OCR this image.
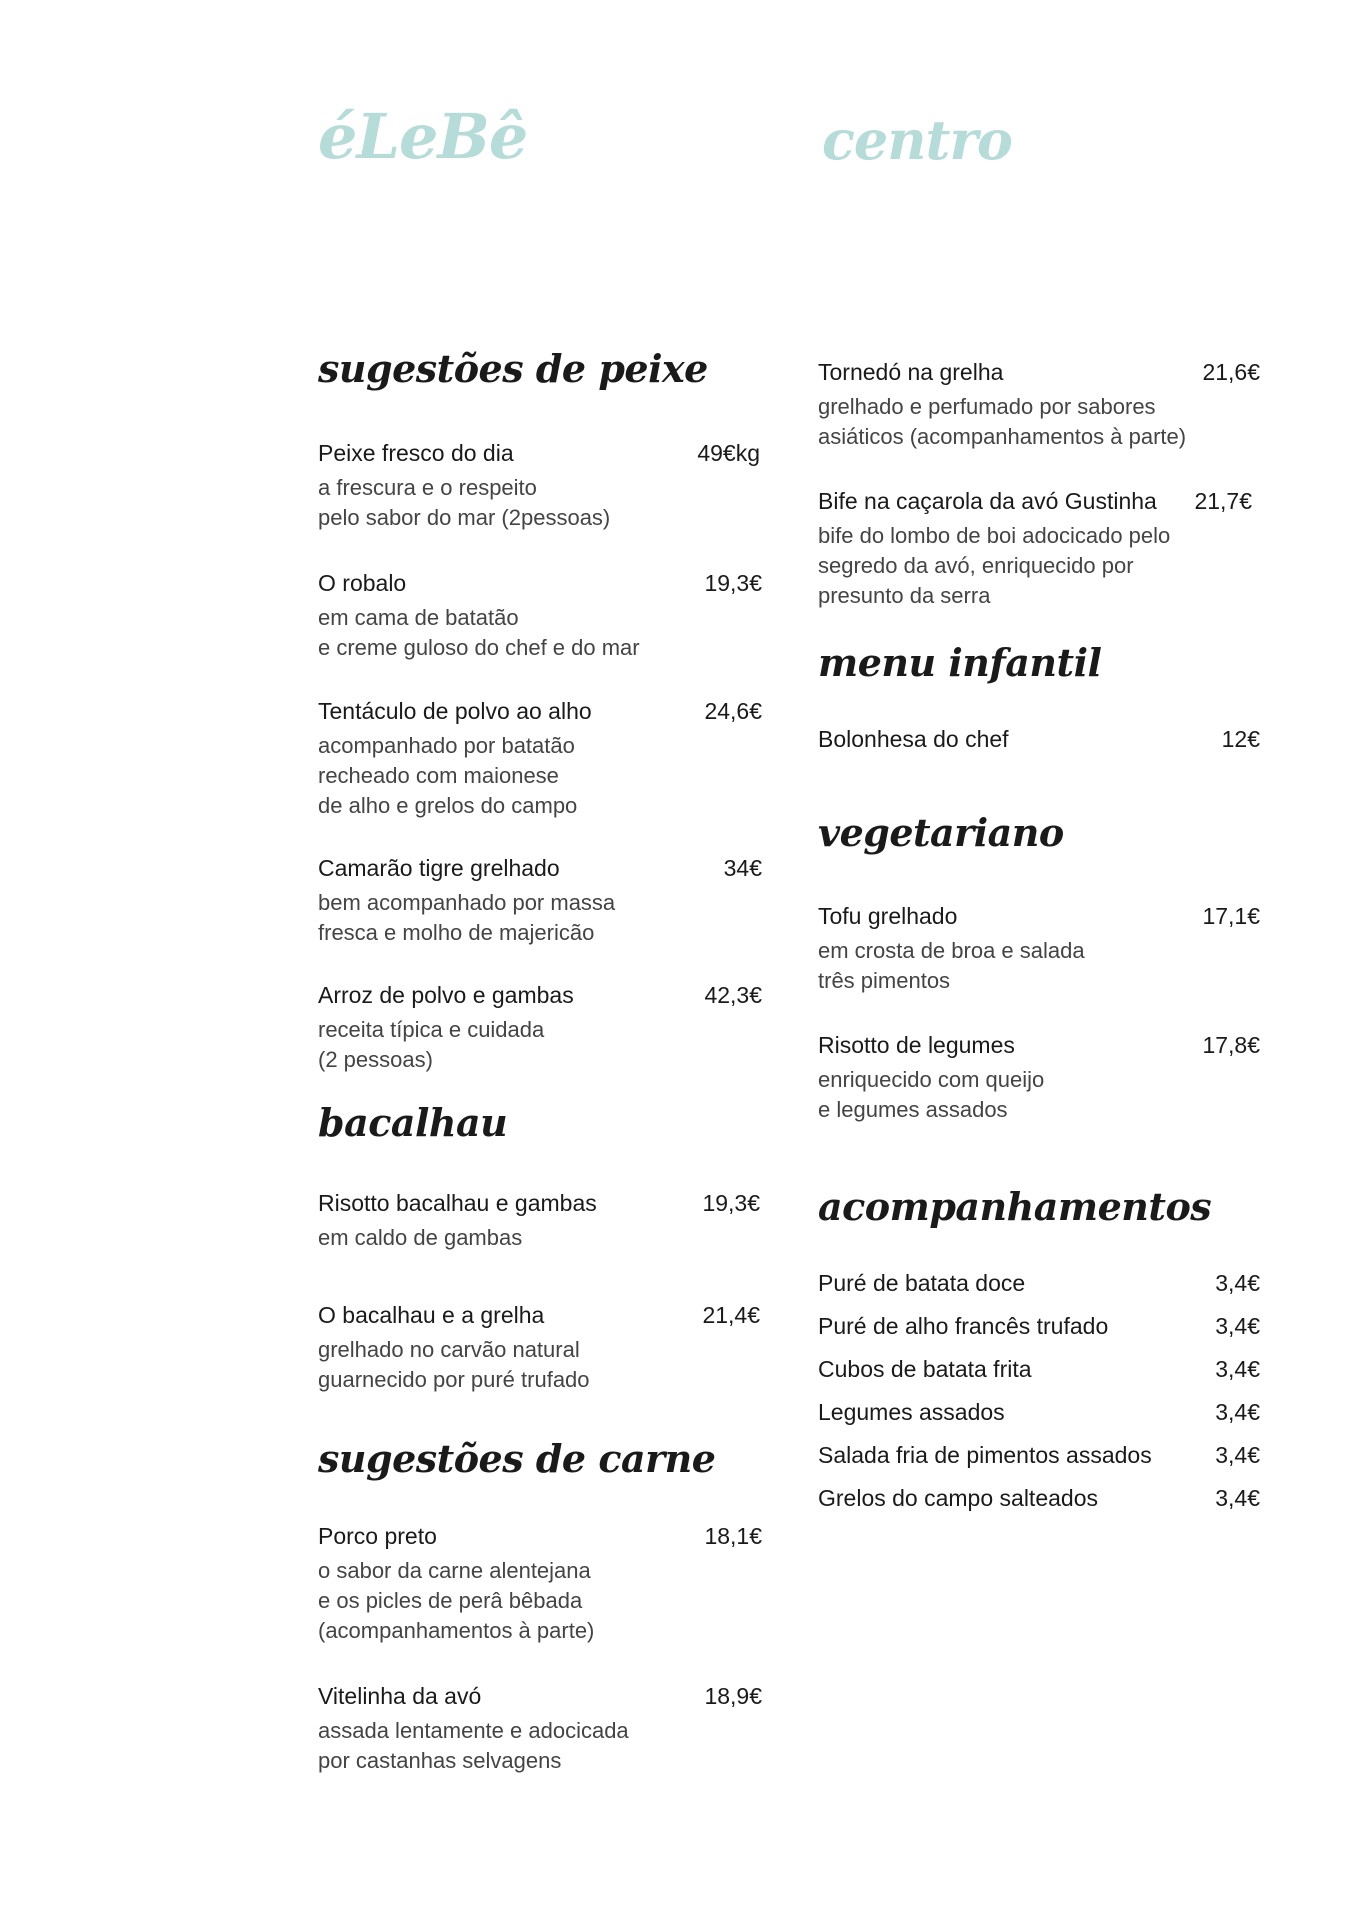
éLeBê	centro
sugestões de peixe
Peixe fresco do dia	49€kg
a frescura e o respeito
pelo sabor do mar (2pessoas)
O robalo	19,3€
em cama de batatão
e creme guloso do chef e do mar
Tentáculo de polvo ao alho	24,6€
acompanhado por batatão
recheado com maionese
de alho e grelos do campo
Camarão tigre grelhado	34€
bem acompanhado por massa
fresca e molho de majericão
Arroz de polvo e gambas	42,3€
receita típica e cuidada
(2 pessoas)
bacalhau
Risotto bacalhau e gambas	19,3€
em caldo de gambas
O bacalhau e a grelha	21,4€
grelhado no carvão natural
guarnecido por puré trufado
sugestões de carne
Porco preto	18,1€
o sabor da carne alentejana
e os picles de perâ bêbada
(acompanhamentos à parte)
Vitelinha da avó	18,9€
assada lentamente e adocicada
por castanhas selvagens
Tornedó na grelha	21,6€
grelhado e perfumado por sabores
asiáticos (acompanhamentos à parte)
Bife na caçarola da avó Gustinha 21,7€
bife do lombo de boi adocicado pelo
segredo da avó, enriquecido por
presunto da serra
menu infantil
Bolonhesa do chef	12€
vegetariano
Tofu grelhado	17,1€
em crosta de broa e salada
três pimentos
Risotto de legumes	17,8€
enriquecido com queijo
e legumes assados
acompanhamentos
Puré de batata doce	3,4€
Puré de alho francês trufado	3,4€
Cubos de batata frita	3,4€
Legumes assados	3,4€
Salada fria de pimentos assados	3,4€
Grelos do campo salteados	3,4€
